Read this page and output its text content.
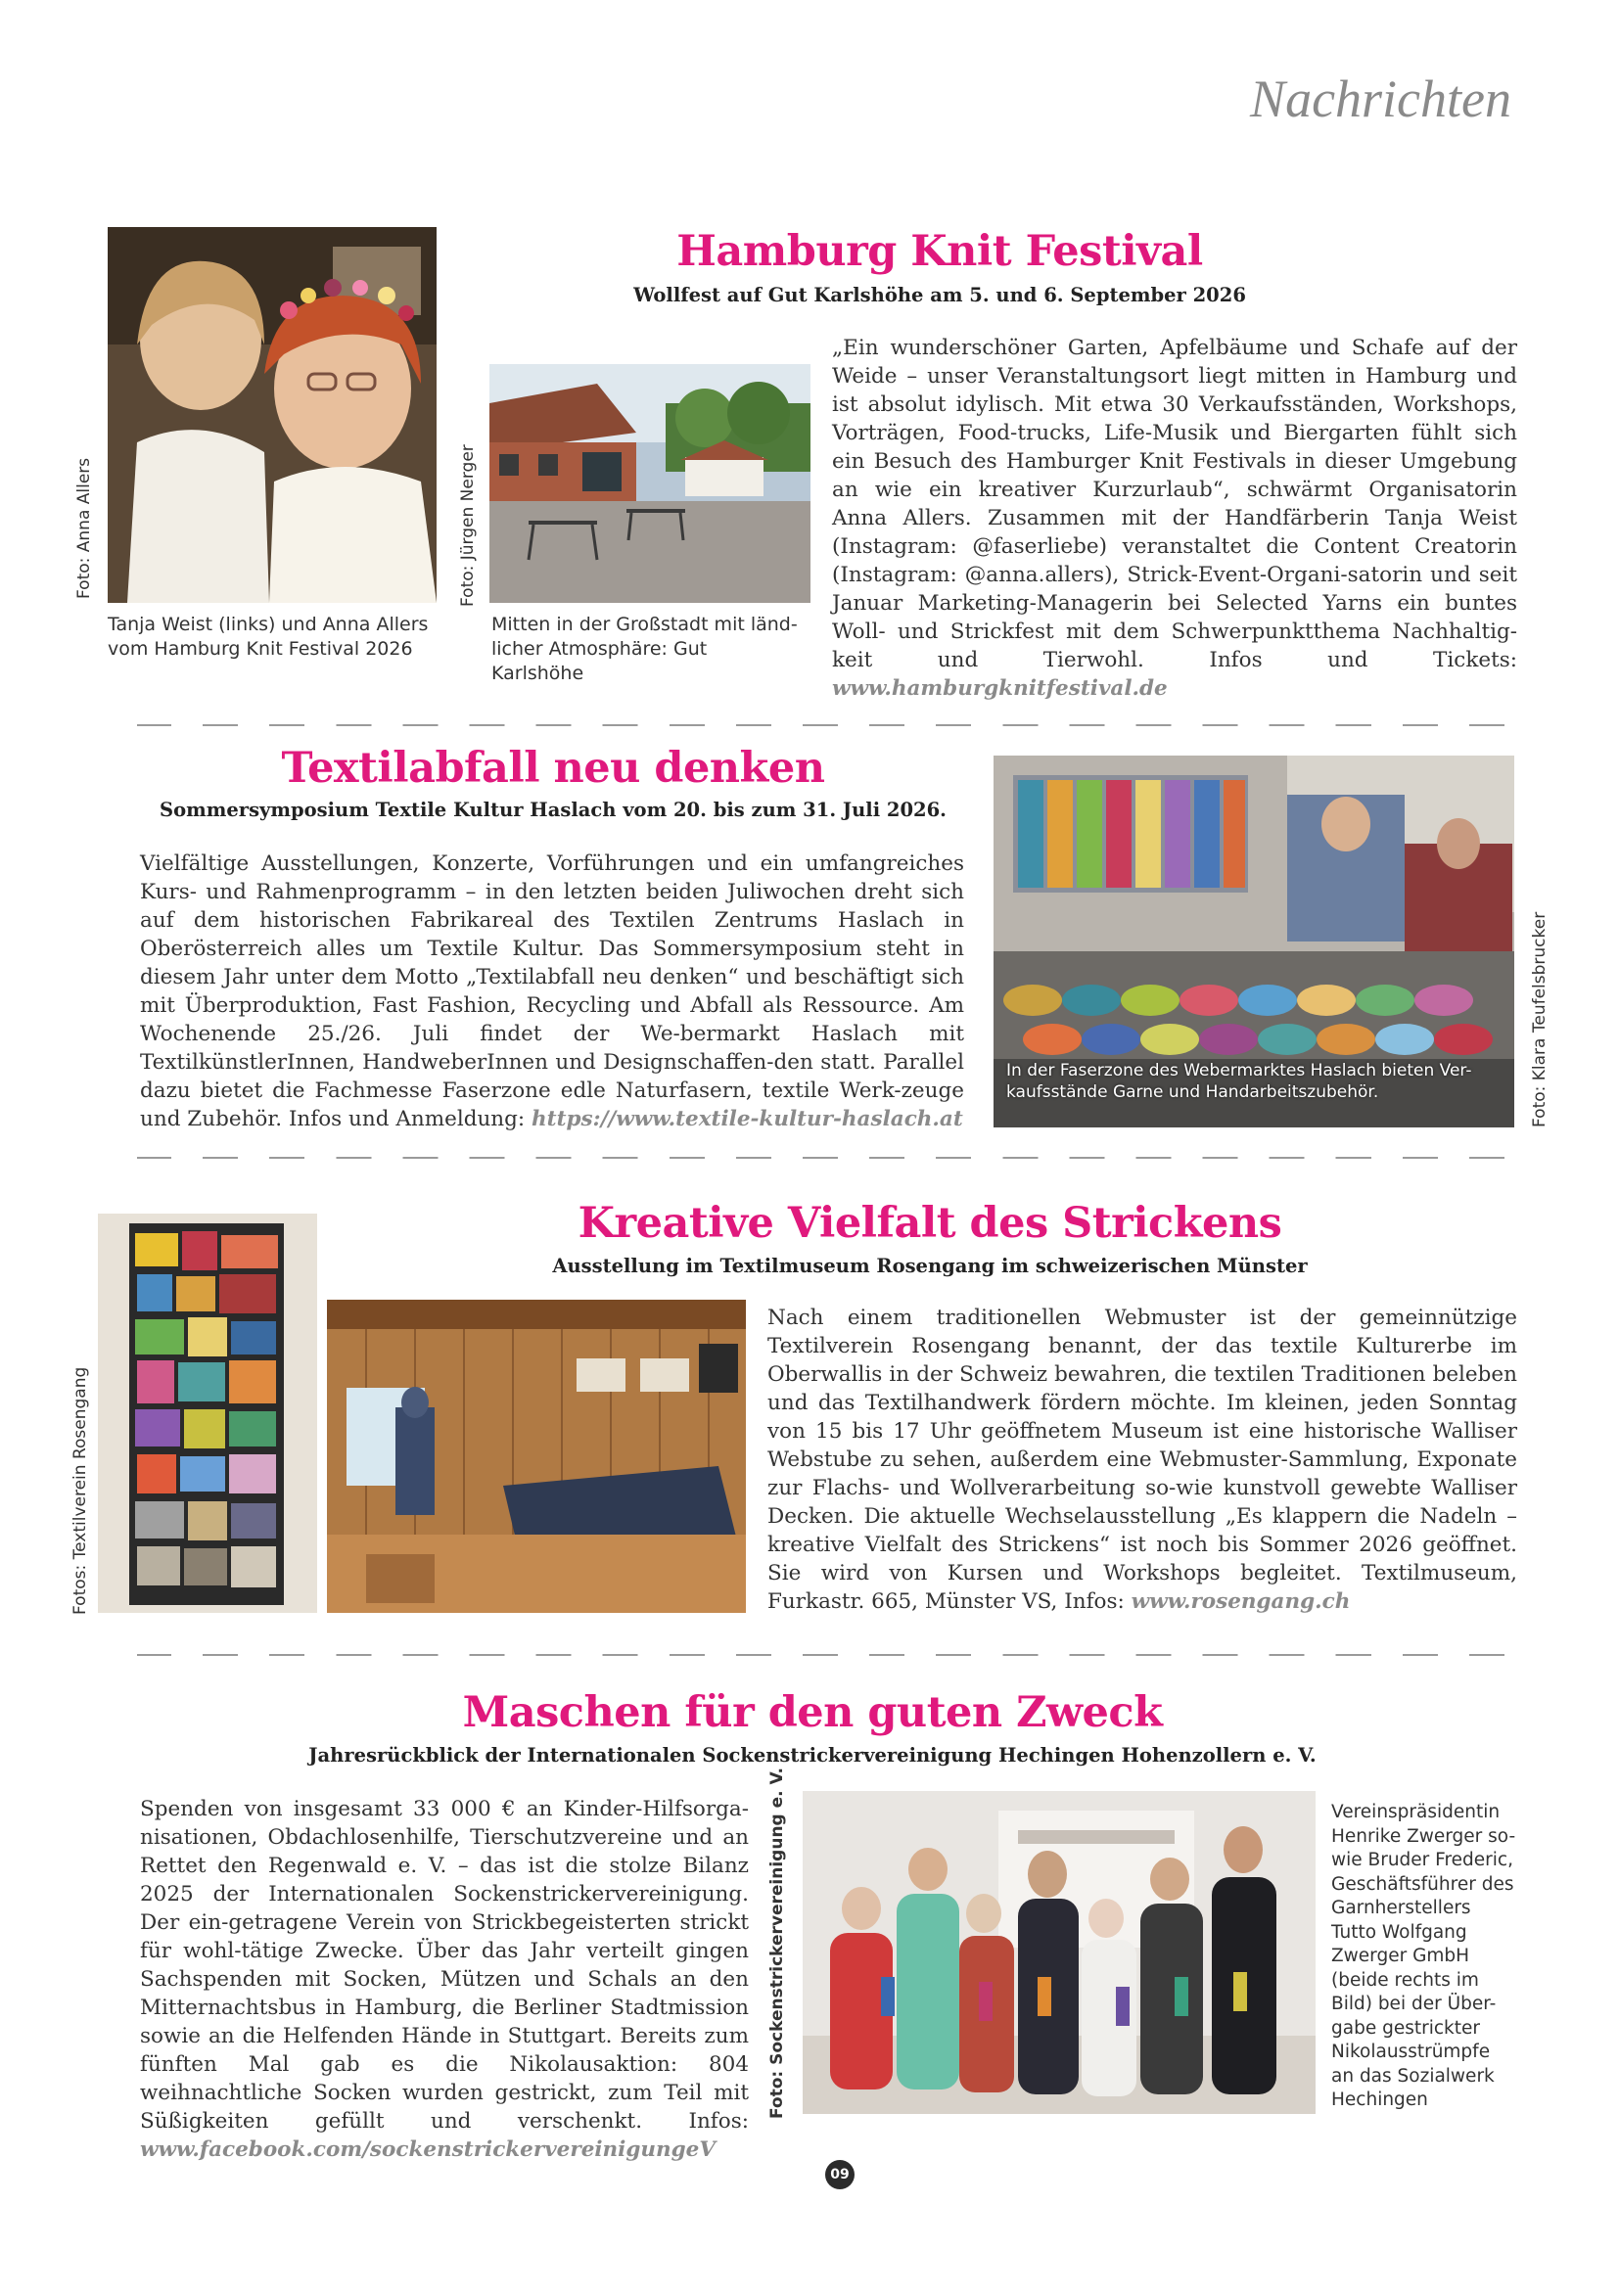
Nachrichten
Foto: Anna Allers
Tanja Weist (links) und Anna Allers vom Hamburg Knit Festival 2026
Foto: Jürgen Nerger
Mitten in der Großstadt mit länd-licher Atmosphäre: Gut Karlshöhe
Hamburg Knit Festival
Wollfest auf Gut Karlshöhe am 5. und 6. September 2026
„Ein wunderschöner Garten, Apfelbäume und Schafe auf der Weide – unser Veranstaltungsort liegt mitten in Hamburg und ist absolut idylisch. Mit etwa 30 Verkaufsständen, Workshops, Vorträgen, Food-trucks, Life-Musik und Biergarten fühlt sich ein Besuch des Hamburger Knit Festivals in dieser Umgebung an wie ein kreativer Kurzurlaub“, schwärmt Organisatorin Anna Allers. Zusammen mit der Handfärberin Tanja Weist (Instagram: @faserliebe) veranstaltet die Content Creatorin (Instagram: @anna.allers), Strick-Event-Organi-satorin und seit Januar Marketing-Managerin bei Selected Yarns ein buntes Woll- und Strickfest mit dem Schwerpunktthema Nachhaltig-keit und Tierwohl. Infos und Tickets: www.hamburgknitfestival.de
Textilabfall neu denken
Sommersymposium Textile Kultur Haslach vom 20. bis zum 31. Juli 2026.
Vielfältige Ausstellungen, Konzerte, Vorführungen und ein umfangreiches Kurs- und Rahmenprogramm – in den letzten beiden Juliwochen dreht sich auf dem historischen Fabrikareal des Textilen Zentrums Haslach in Oberösterreich alles um Textile Kultur. Das Sommersymposium steht in diesem Jahr unter dem Motto „Textilabfall neu denken“ und beschäftigt sich mit Überproduktion, Fast Fashion, Recycling und Abfall als Ressource. Am Wochenende 25./26. Juli findet der We-bermarkt Haslach mit TextilkünstlerInnen, HandweberInnen und Designschaffen-den statt. Parallel dazu bietet die Fachmesse Faserzone edle Naturfasern, textile Werk-zeuge und Zubehör. Infos und Anmeldung: https://www.textile-kultur-haslach.at
In der Faserzone des Webermarktes Haslach bieten Ver-kaufsstände Garne und Handarbeitszubehör.	Foto: Klara Teufelsbrucker
Fotos: Textilverein Rosengang
Kreative Vielfalt des Strickens
Ausstellung im Textilmuseum Rosengang im schweizerischen Münster
Nach einem traditionellen Webmuster ist der gemeinnützige Textilverein Rosengang benannt, der das textile Kulturerbe im Oberwallis in der Schweiz bewahren, die textilen Traditionen beleben und das Textilhandwerk fördern möchte. Im kleinen, jeden Sonntag von 15 bis 17 Uhr geöffnetem Museum ist eine historische Walliser Webstube zu sehen, außerdem eine Webmuster-Sammlung, Exponate zur Flachs- und Wollverarbeitung so-wie kunstvoll gewebte Walliser Decken. Die aktuelle Wechselausstellung „Es klappern die Nadeln – kreative Vielfalt des Strickens“ ist noch bis Sommer 2026 geöffnet. Sie wird von Kursen und Workshops begleitet. Textilmuseum, Furkastr. 665, Münster VS, Infos: www.rosengang.ch
Maschen für den guten Zweck
Jahresrückblick der Internationalen Sockenstrickervereinigung Hechingen Hohenzollern e. V.
Spenden von insgesamt 33 000 € an Kinder-Hilfsorga-nisationen, Obdachlosenhilfe, Tierschutzvereine und an Rettet den Regenwald e. V. – das ist die stolze Bilanz 2025 der Internationalen Sockenstrickervereinigung. Der ein-getragene Verein von Strickbegeisterten strickt für wohl-tätige Zwecke. Über das Jahr verteilt gingen Sachspenden mit Socken, Mützen und Schals an den Mitternachtsbus in Hamburg, die Berliner Stadtmission sowie an die Helfenden Hände in Stuttgart. Bereits zum fünften Mal gab es die Nikolausaktion: 804 weihnachtliche Socken wurden gestrickt, zum Teil mit Süßigkeiten gefüllt und verschenkt. Infos: www.facebook.com/sockenstrickervereinigungeV
Foto: Sockenstrickervereinigung e. V.	Vereinspräsidentin Henrike Zwerger so-wie Bruder Frederic, Geschäftsführer des Garnherstellers Tutto Wolfgang Zwerger GmbH (beide rechts im Bild) bei der Über-gabe gestrickter Nikolausstrümpfe an das Sozialwerk Hechingen
09
